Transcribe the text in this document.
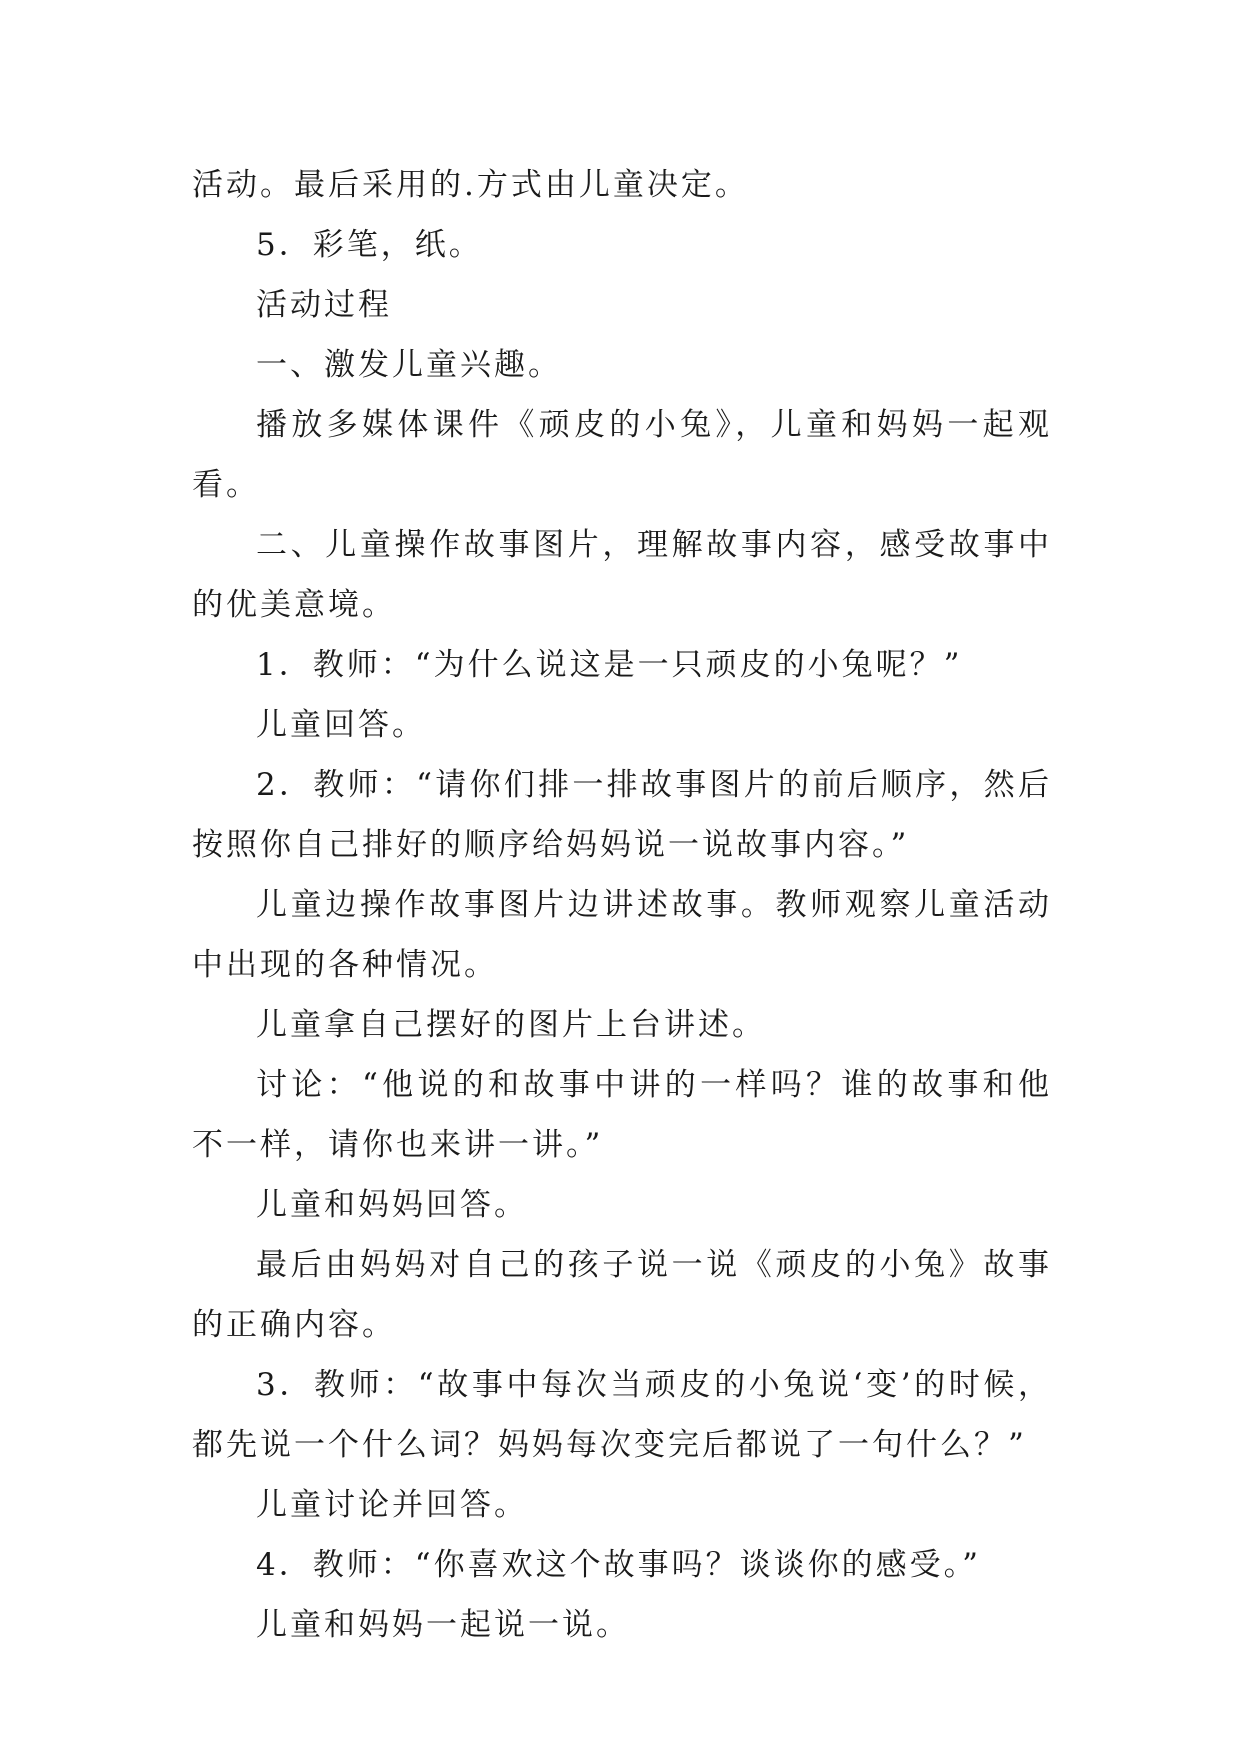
活动。最后采用的.方式由儿童决定。

5．彩笔，纸。

活动过程

一、激发儿童兴趣。

播放多媒体课件《顽皮的小兔》，儿童和妈妈一起观看。

二、儿童操作故事图片，理解故事内容，感受故事中的优美意境。

1．教师：“为什么说这是一只顽皮的小兔呢？”

儿童回答。

2．教师：“请你们排一排故事图片的前后顺序，然后按照你自己排好的顺序给妈妈说一说故事内容。”

儿童边操作故事图片边讲述故事。教师观察儿童活动中出现的各种情况。

儿童拿自己摆好的图片上台讲述。

讨论：“他说的和故事中讲的一样吗？谁的故事和他不一样，请你也来讲一讲。”

儿童和妈妈回答。

最后由妈妈对自己的孩子说一说《顽皮的小兔》故事的正确内容。

3．教师：“故事中每次当顽皮的小兔说‘变’的时候，都先说一个什么词？妈妈每次变完后都说了一句什么？”

儿童讨论并回答。

4．教师：“你喜欢这个故事吗？谈谈你的感受。”

儿童和妈妈一起说一说。
